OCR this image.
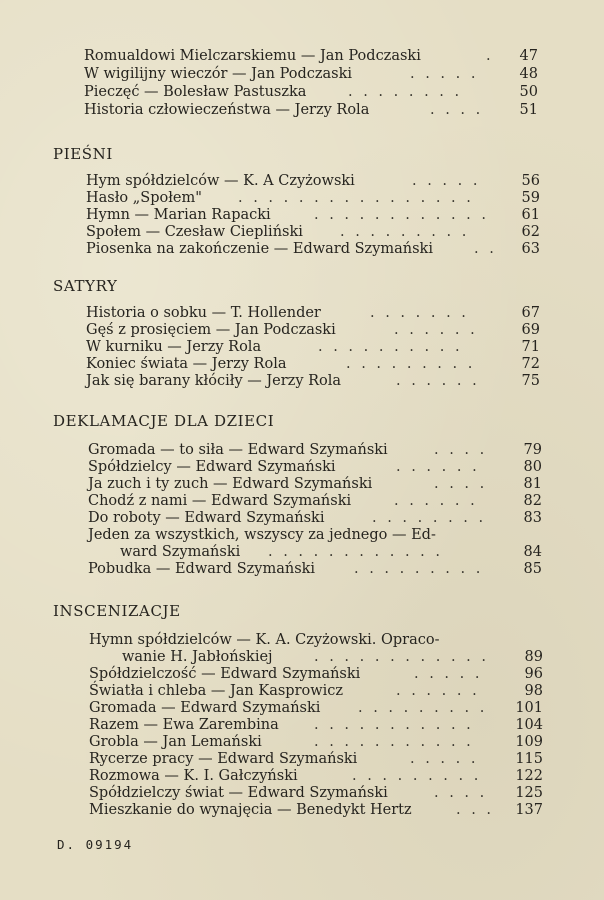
Romualdowi Mielczarskiemu — Jan Podczaski	.	47
W wigilijny wieczór — Jan Podczaski	. . . . .	48
Pieczęć — Bolesław Pastuszka	. . . . . . . .	50
Historia człowieczeństwa — Jerzy Rola	. . . .	51
PIEŚNI
Hym spółdzielców — K. A Czyżowski	. . . . .	56
Hasło „Społem" . . . . . . . . . . . . . . . .	59
Hymn — Marian Rapacki	. . . . . . . . . . . .	61
Społem — Czesław Ciepliński	. . . . . . . . .	62
Piosenka na zakończenie — Edward Szymański	. .	63
SATYRY
Historia o sobku — T. Hollender	. . . . . . .	67
Gęś z prosięciem — Jan Podczaski	. . . . . .	69
W kurniku — Jerzy Rola	. . . . . . . . . .	71
Koniec świata — Jerzy Rola	. . . . . . . . .	72
Jak się barany kłóciły — Jerzy Rola	. . . . . .	75
DEKLAMACJE DLA DZIECI
Gromada — to siła — Edward Szymański	. . . .	79
Spółdzielcy — Edward Szymański	. . . . . .	80
Ja zuch i ty zuch — Edward Szymański	. . . .	81
Chodź z nami — Edward Szymański	. . . . . .	82
Do roboty — Edward Szymański	. . . . . . . .	83
Jeden za wszystkich, wszyscy za jednego — Ed-
ward Szymański . . . . . . . . . . . .	84
Pobudka — Edward Szymański	. . . . . . . . .	85
INSCENIZACJE
Hymn spółdzielców — K. A. Czyżowski. Opraco-
wanie H. Jabłońskiej	. . . . . . . . . . . .	89
Spółdzielczość — Edward Szymański	. . . . .	96
Światła i chleba — Jan Kasprowicz	. . . . . .	98
Gromada — Edward Szymański	. . . . . . . . .	101
Razem — Ewa Zarembina . . . . . . . . . . .	104
Grobla — Jan Lemański	. . . . . . . . . . .	109
Rycerze pracy — Edward Szymański	. . . . .	115
Rozmowa — K. I. Gałczyński	. . . . . . . . .	122
Spółdzielczy świat — Edward Szymański	. . . .	125
Mieszkanie do wynajęcia — Benedykt Hertz	. . .	137
D. 09194
